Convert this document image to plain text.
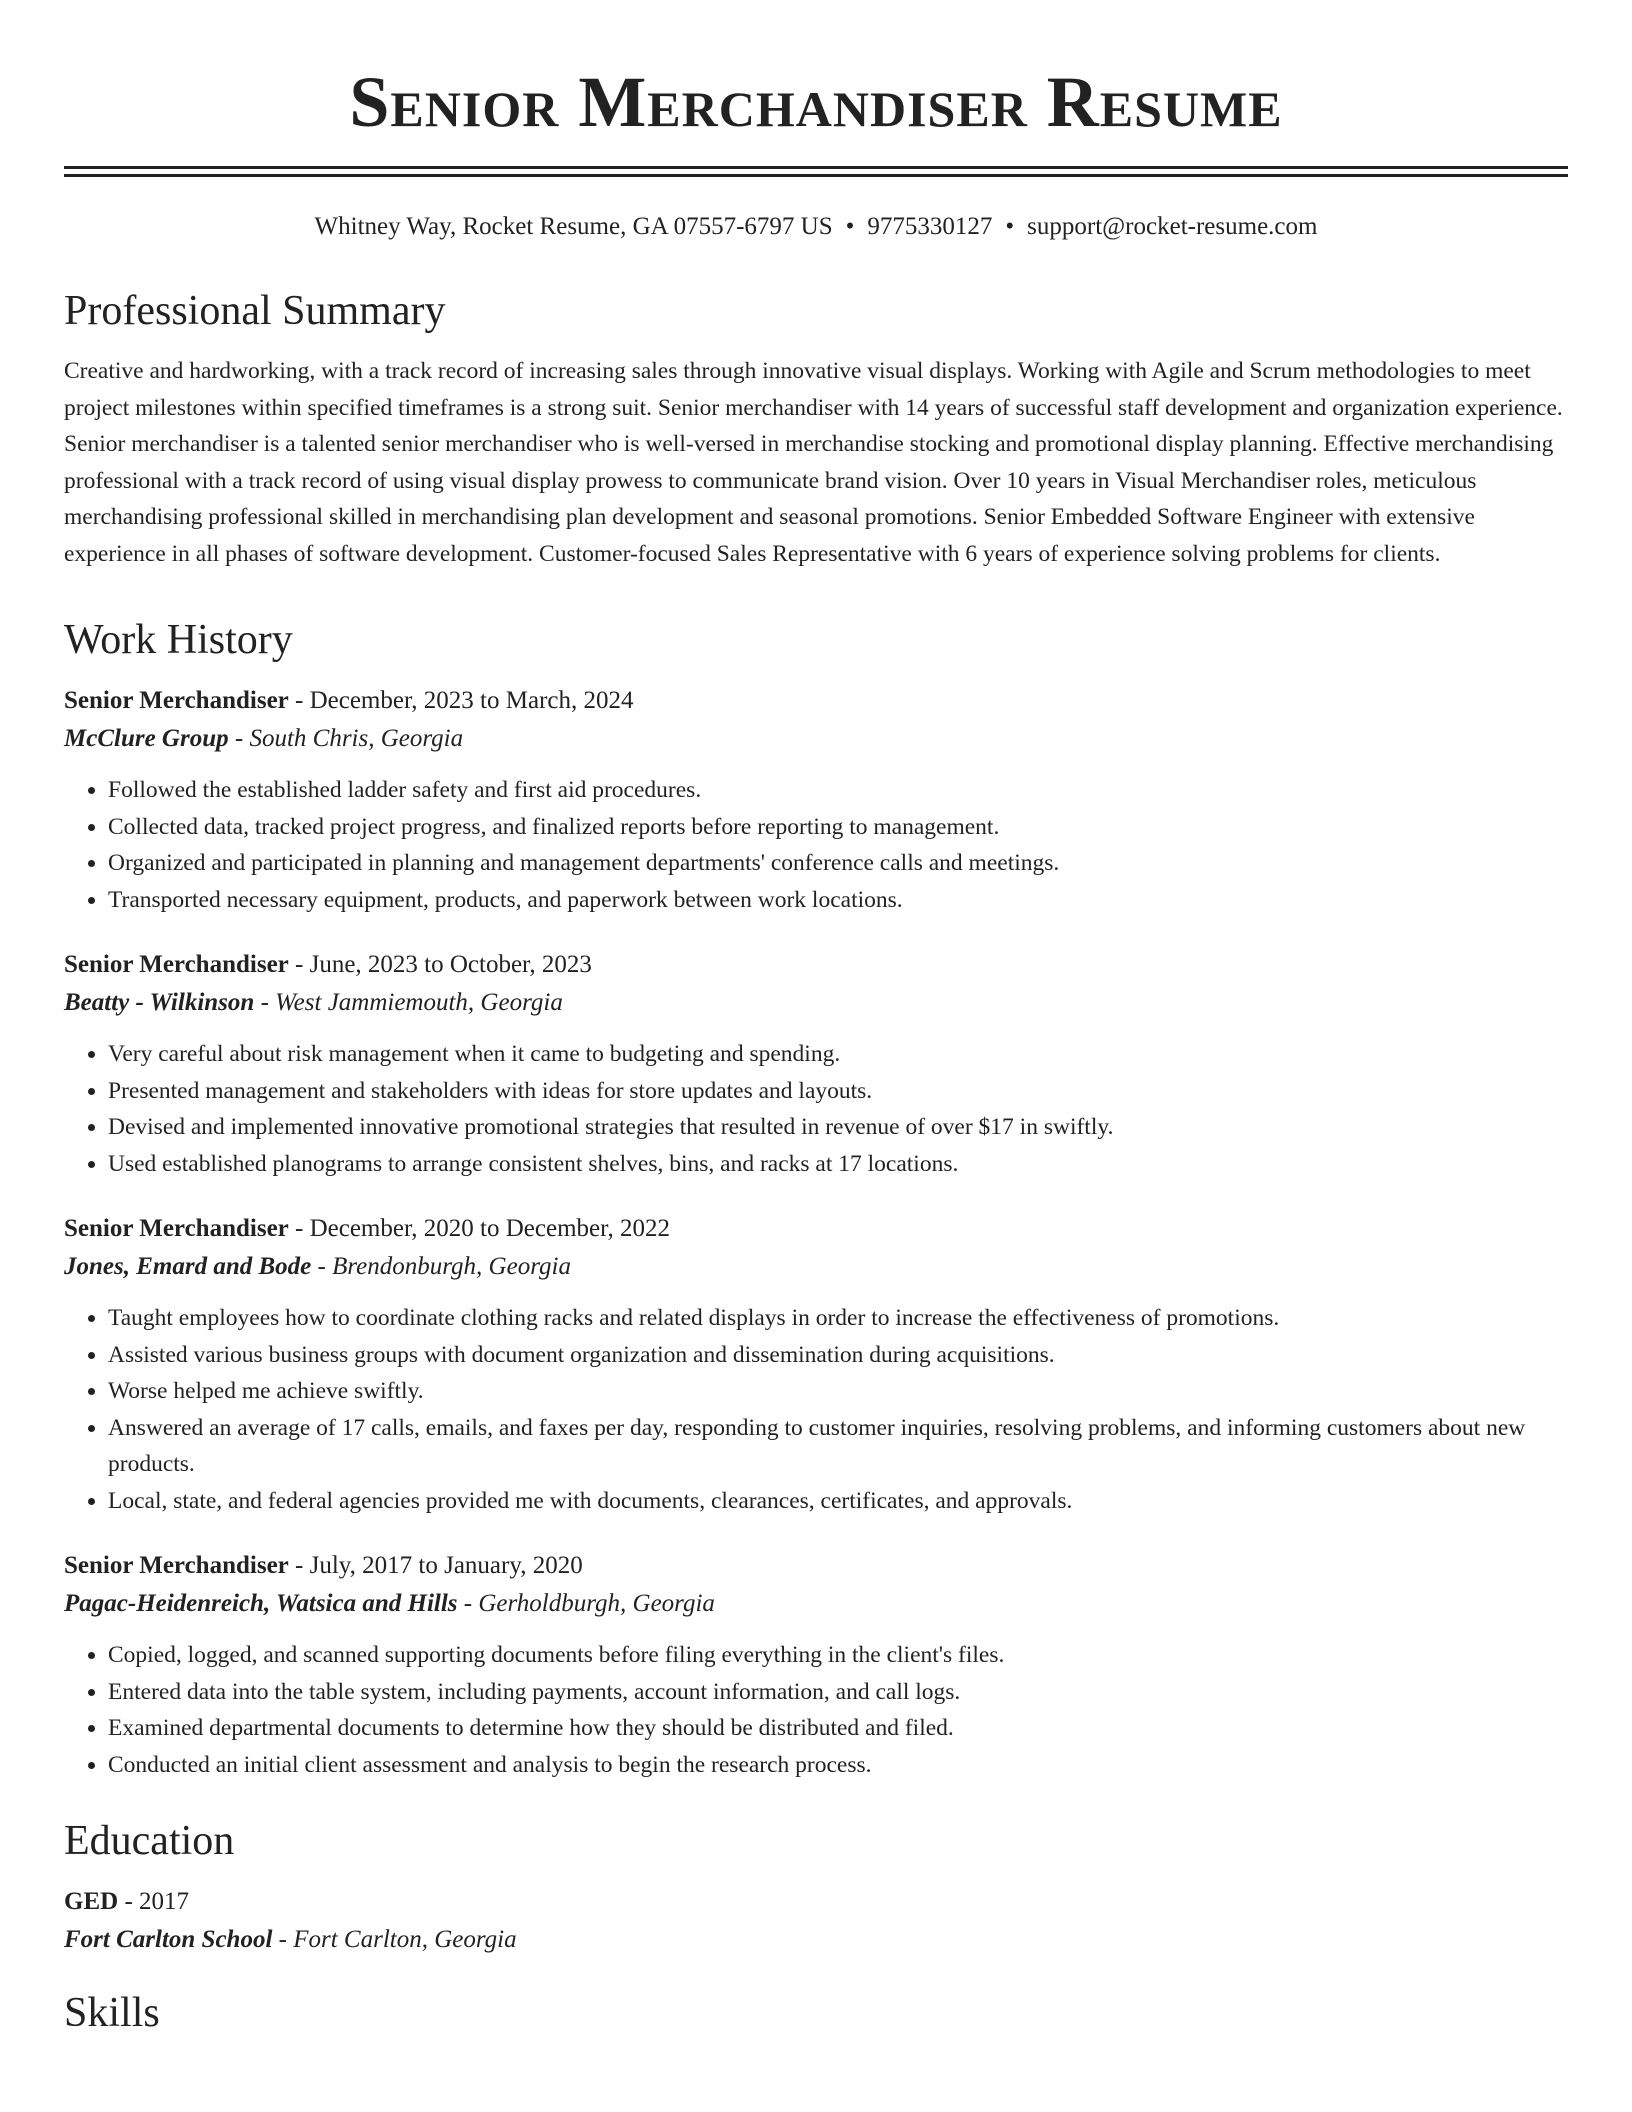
Senior Merchandiser Resume
Whitney Way, Rocket Resume, GA 07557-6797 US • 9775330127 • support@rocket-resume.com
Professional Summary

Creative and hardworking, with a track record of increasing sales through innovative visual displays. Working with Agile and Scrum methodologies to meet project milestones within specified timeframes is a strong suit. Senior merchandiser with 14 years of successful staff development and organization experience. Senior merchandiser is a talented senior merchandiser who is well-versed in merchandise stocking and promotional display planning. Effective merchandising professional with a track record of using visual display prowess to communicate brand vision. Over 10 years in Visual Merchandiser roles, meticulous merchandising professional skilled in merchandising plan development and seasonal promotions. Senior Embedded Software Engineer with extensive experience in all phases of software development. Customer-focused Sales Representative with 6 years of experience solving problems for clients.

Work History
Senior Merchandiser - December, 2023 to March, 2024
McClure Group - South Chris, Georgia
• Followed the established ladder safety and first aid procedures.
• Collected data, tracked project progress, and finalized reports before reporting to management.
• Organized and participated in planning and management departments' conference calls and meetings.
• Transported necessary equipment, products, and paperwork between work locations.
Senior Merchandiser - June, 2023 to October, 2023
Beatty - Wilkinson - West Jammiemouth, Georgia
• Very careful about risk management when it came to budgeting and spending.
• Presented management and stakeholders with ideas for store updates and layouts.
• Devised and implemented innovative promotional strategies that resulted in revenue of over $17 in swiftly.
• Used established planograms to arrange consistent shelves, bins, and racks at 17 locations.
Senior Merchandiser - December, 2020 to December, 2022
Jones, Emard and Bode - Brendonburgh, Georgia
• Taught employees how to coordinate clothing racks and related displays in order to increase the effectiveness of promotions.
• Assisted various business groups with document organization and dissemination during acquisitions.
• Worse helped me achieve swiftly.
• Answered an average of 17 calls, emails, and faxes per day, responding to customer inquiries, resolving problems, and informing customers about new products.
• Local, state, and federal agencies provided me with documents, clearances, certificates, and approvals.
Senior Merchandiser - July, 2017 to January, 2020
Pagac-Heidenreich, Watsica and Hills - Gerholdburgh, Georgia
• Copied, logged, and scanned supporting documents before filing everything in the client's files.
• Entered data into the table system, including payments, account information, and call logs.
• Examined departmental documents to determine how they should be distributed and filed.
• Conducted an initial client assessment and analysis to begin the research process.
Education
GED - 2017
Fort Carlton School - Fort Carlton, Georgia
Skills
